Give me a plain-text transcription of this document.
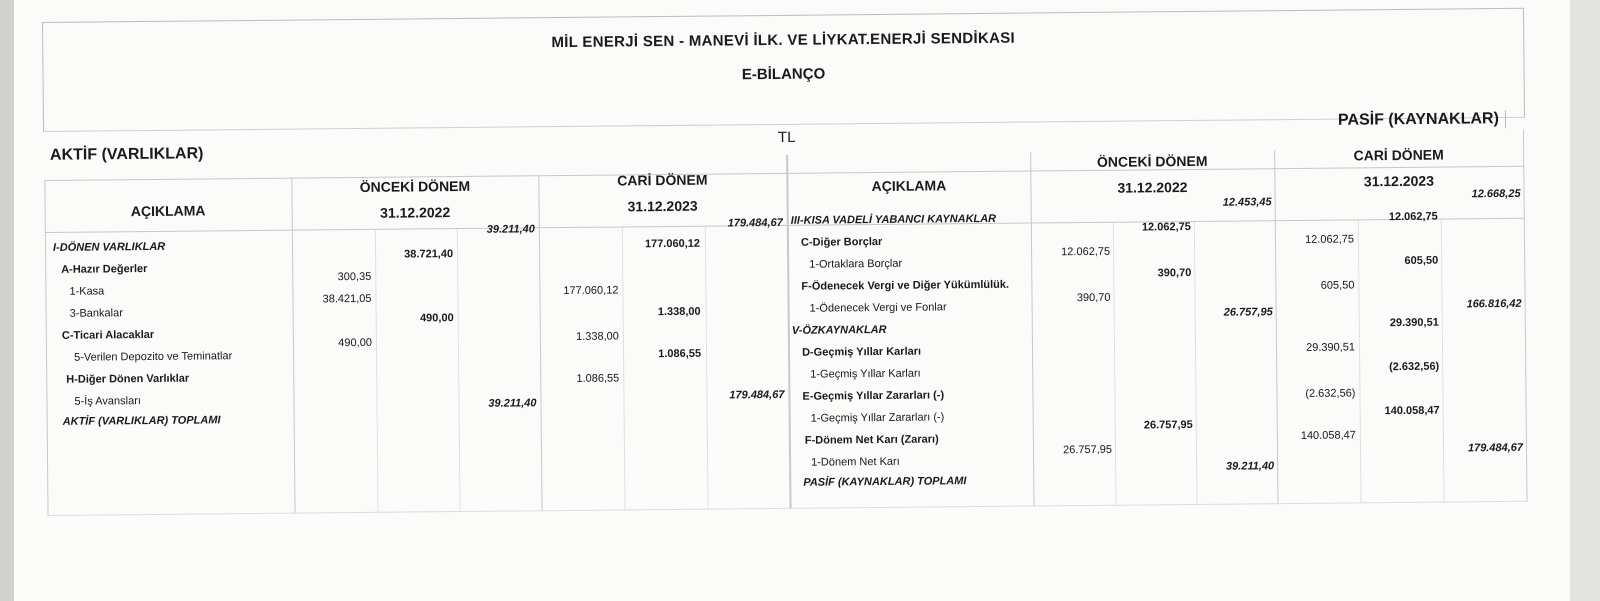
MİL ENERJİ SEN - MANEVİ İLK. VE LİYKAT.ENERJİ SENDİKASI
E-BİLANÇO
TL
PASİF (KAYNAKLAR)
AKTİF (VARLIKLAR)
AÇIKLAMA
ÖNCEKİ DÖNEM
31.12.2022
CARİ DÖNEM
31.12.2023
AÇIKLAMA
ÖNCEKİ DÖNEM
31.12.2022
CARİ DÖNEM
31.12.2023
I-DÖNEN VARLIKLAR
A-Hazır Değerler
1-Kasa
3-Bankalar
C-Ticari Alacaklar
5-Verilen Depozito ve Teminatlar
H-Diğer Dönen Varlıklar
5-İş Avansları
AKTİF (VARLIKLAR) TOPLAMI
39.211,40
38.721,40
300,35
38.421,05
490,00
490,00
39.211,40
179.484,67
177.060,12
177.060,12
1.338,00
1.338,00
1.086,55
1.086,55
179.484,67
III-KISA VADELİ YABANCI KAYNAKLAR
C-Diğer Borçlar
1-Ortaklara Borçlar
F-Ödenecek Vergi ve Diğer Yükümlülük.
1-Ödenecek Vergi ve Fonlar
V-ÖZKAYNAKLAR
D-Geçmiş Yıllar Karları
1-Geçmiş Yıllar Karları
E-Geçmiş Yıllar Zararları (-)
1-Geçmiş Yıllar Zararları (-)
F-Dönem Net Karı (Zararı)
1-Dönem Net Karı
PASİF (KAYNAKLAR) TOPLAMI
12.453,45
12.062,75
12.062,75
390,70
390,70
26.757,95
26.757,95
26.757,95
39.211,40
12.668,25
12.062,75
12.062,75
605,50
605,50
166.816,42
29.390,51
29.390,51
(2.632,56)
(2.632,56)
140.058,47
140.058,47
179.484,67
